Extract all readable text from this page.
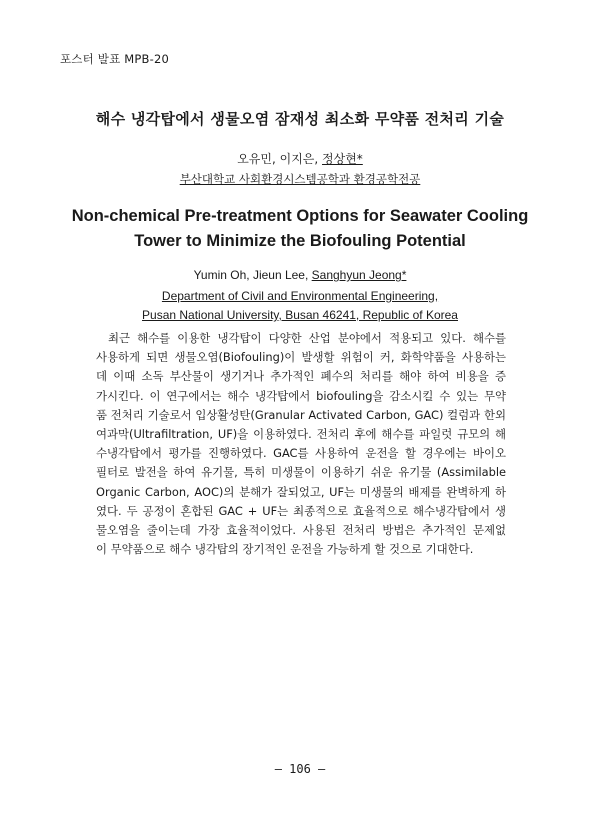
포스터 발표 MPB-20
해수 냉각탑에서 생물오염 잠재성 최소화 무약품 전처리 기술
오유민, 이지은, 정상현*
부산대학교 사회환경시스템공학과 환경공학전공
Non-chemical Pre-treatment Options for Seawater Cooling
Tower to Minimize the Biofouling Potential
Yumin Oh, Jieun Lee, Sanghyun Jeong*
Department of Civil and Environmental Engineering,
Pusan National University, Busan 46241, Republic of Korea
최근 해수를 이용한 냉각탑이 다양한 산업 분야에서 적용되고 있다. 해수를
사용하게 되면 생물오염(Biofouling)이 발생할 위험이 커, 화학약품을 사용하는
데 이때 소독 부산물이 생기거나 추가적인 폐수의 처리를 해야 하여 비용을 증
가시킨다. 이 연구에서는 해수 냉각탑에서 biofouling을 감소시킬 수 있는 무약
품 전처리 기술로서 입상활성탄(Granular Activated Carbon, GAC) 컬럼과 한외
여과막(Ultrafiltration, UF)을 이용하였다. 전처리 후에 해수를 파일럿 규모의 해
수냉각탑에서 평가를 진행하였다. GAC를 사용하여 운전을 할 경우에는 바이오
필터로 발전을 하여 유기물, 특히 미생물이 이용하기 쉬운 유기물 (Assimilable
Organic Carbon, AOC)의 분해가 잘되었고, UF는 미생물의 배제를 완벽하게 하
였다. 두 공정이 혼합된 GAC + UF는 최종적으로 효율적으로 해수냉각탑에서 생
물오염을 줄이는데 가장 효율적이었다. 사용된 전처리 방법은 추가적인 문제없
이 무약품으로 해수 냉각탑의 장기적인 운전을 가능하게 할 것으로 기대한다.
– 106 –
